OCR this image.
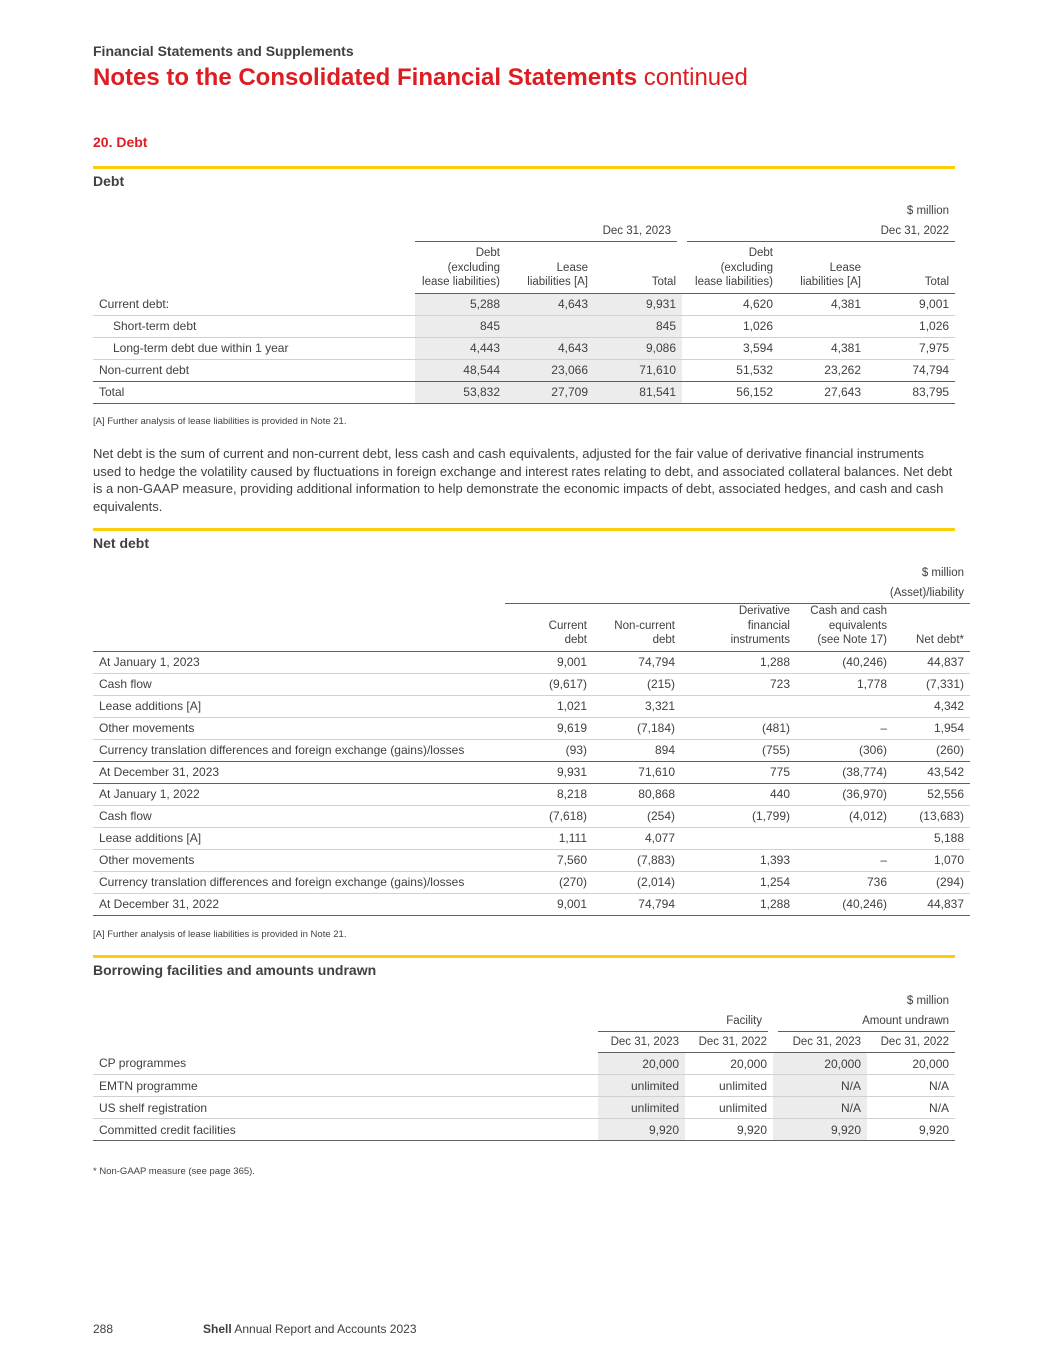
Financial Statements and Supplements
Notes to the Consolidated Financial Statements continued
20. Debt
Debt
$ million						
	Dec 31, 2023			Dec 31, 2022		
	Debt
(excluding
lease liabilities)	Lease
liabilities [A]	Total	Debt
(excluding
lease liabilities)	Lease
liabilities [A]	Total
Current debt:	5,288	4,643	9,931	4,620	4,381	9,001
Short-term debt	845		845	1,026		1,026
Long-term debt due within 1 year	4,443	4,643	9,086	3,594	4,381	7,975
Non-current debt	48,544	23,066	71,610	51,532	23,262	74,794
Total	53,832	27,709	81,541	56,152	27,643	83,795
[A] Further analysis of lease liabilities is provided in Note 21.
Net debt is the sum of current and non-current debt, less cash and cash equivalents, adjusted for the fair value of derivative financial instruments used to hedge the volatility caused by fluctuations in foreign exchange and interest rates relating to debt, and associated collateral balances. Net debt is a non-GAAP measure, providing additional information to help demonstrate the economic impacts of debt, associated hedges, and cash and cash equivalents.
Net debt
$ million					
	(Asset)/liability				
	Current
debt	Non-current
debt	Derivative
financial
instruments	Cash and cash
equivalents
(see Note 17)	Net debt*
At January 1, 2023	9,001	74,794	1,288	(40,246)	44,837
Cash flow	(9,617)	(215)	723	1,778	(7,331)
Lease additions [A]	1,021	3,321			4,342
Other movements	9,619	(7,184)	(481)	–	1,954
Currency translation differences and foreign exchange (gains)/losses	(93)	894	(755)	(306)	(260)
At December 31, 2023	9,931	71,610	775	(38,774)	43,542
At January 1, 2022	8,218	80,868	440	(36,970)	52,556
Cash flow	(7,618)	(254)	(1,799)	(4,012)	(13,683)
Lease additions [A]	1,111	4,077			5,188
Other movements	7,560	(7,883)	1,393	–	1,070
Currency translation differences and foreign exchange (gains)/losses	(270)	(2,014)	1,254	736	(294)
At December 31, 2022	9,001	74,794	1,288	(40,246)	44,837
[A] Further analysis of lease liabilities is provided in Note 21.
Borrowing facilities and amounts undrawn
$ million				
	Facility		Amount undrawn	
	Dec 31, 2023	Dec 31, 2022	Dec 31, 2023	Dec 31, 2022
CP programmes	20,000	20,000	20,000	20,000
EMTN programme	unlimited	unlimited	N/A	N/A
US shelf registration	unlimited	unlimited	N/A	N/A
Committed credit facilities	9,920	9,920	9,920	9,920
* Non-GAAP measure (see page 365).
288	Shell Annual Report and Accounts 2023
